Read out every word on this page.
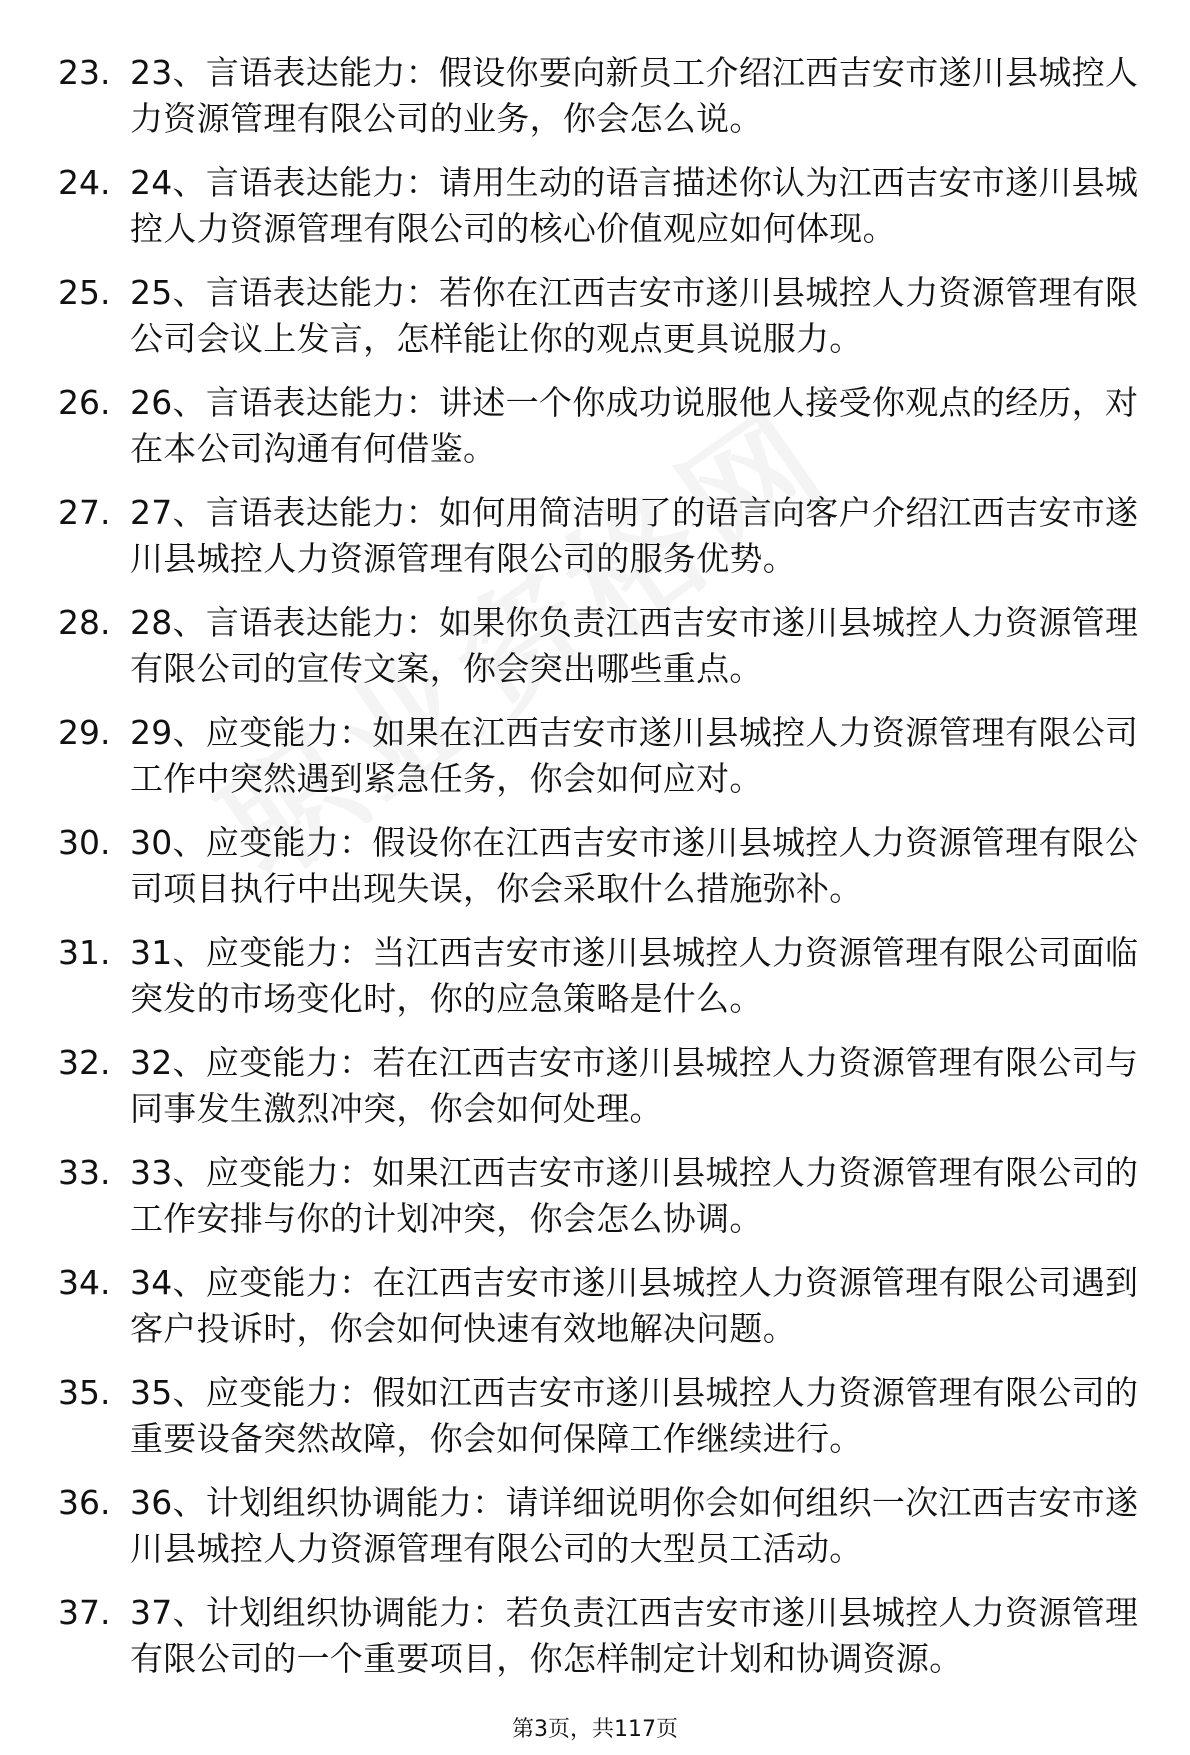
23. 23、言语表达能力：假设你要向新员工介绍江西吉安市遂川县城控人力资源管理有限公司的业务，你会怎么说。
24. 24、言语表达能力：请用生动的语言描述你认为江西吉安市遂川县城控人力资源管理有限公司的核心价值观应如何体现。
25. 25、言语表达能力：若你在江西吉安市遂川县城控人力资源管理有限公司会议上发言，怎样能让你的观点更具说服力。
26. 26、言语表达能力：讲述一个你成功说服他人接受你观点的经历，对在本公司沟通有何借鉴。
27. 27、言语表达能力：如何用简洁明了的语言向客户介绍江西吉安市遂川县城控人力资源管理有限公司的服务优势。
28. 28、言语表达能力：如果你负责江西吉安市遂川县城控人力资源管理有限公司的宣传文案，你会突出哪些重点。
29. 29、应变能力：如果在江西吉安市遂川县城控人力资源管理有限公司工作中突然遇到紧急任务，你会如何应对。
30. 30、应变能力：假设你在江西吉安市遂川县城控人力资源管理有限公司项目执行中出现失误，你会采取什么措施弥补。
31. 31、应变能力：当江西吉安市遂川县城控人力资源管理有限公司面临突发的市场变化时，你的应急策略是什么。
32. 32、应变能力：若在江西吉安市遂川县城控人力资源管理有限公司与同事发生激烈冲突，你会如何处理。
33. 33、应变能力：如果江西吉安市遂川县城控人力资源管理有限公司的工作安排与你的计划冲突，你会怎么协调。
34. 34、应变能力：在江西吉安市遂川县城控人力资源管理有限公司遇到客户投诉时，你会如何快速有效地解决问题。
35. 35、应变能力：假如江西吉安市遂川县城控人力资源管理有限公司的重要设备突然故障，你会如何保障工作继续进行。
36. 36、计划组织协调能力：请详细说明你会如何组织一次江西吉安市遂川县城控人力资源管理有限公司的大型员工活动。
37. 37、计划组织协调能力：若负责江西吉安市遂川县城控人力资源管理有限公司的一个重要项目，你怎样制定计划和协调资源。
第3页，共117页
